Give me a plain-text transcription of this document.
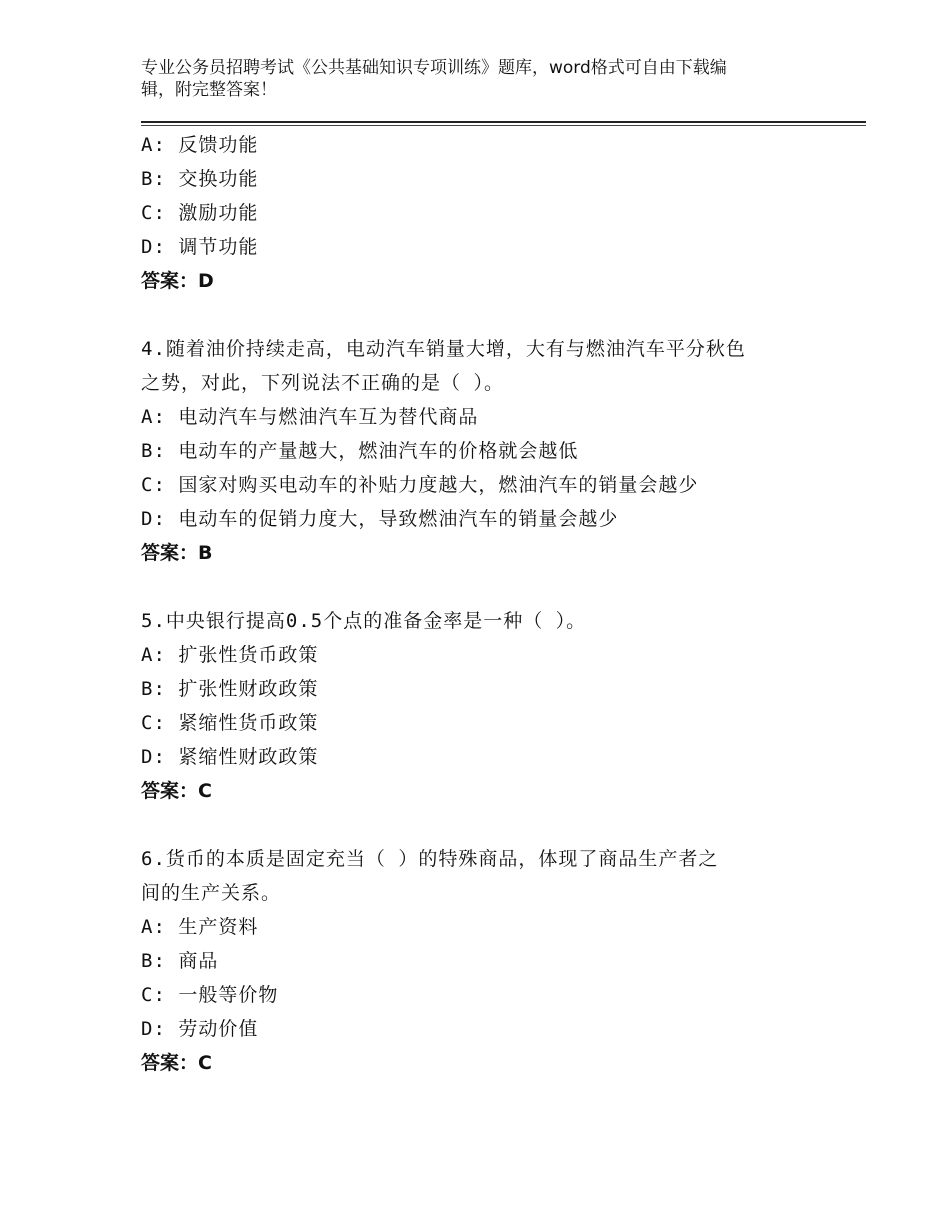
专业公务员招聘考试《公共基础知识专项训练》题库，word格式可自由下载编
辑，附完整答案！
A: 反馈功能
B: 交换功能
C: 激励功能
D: 调节功能
答案：D
4.随着油价持续走高，电动汽车销量大增，大有与燃油汽车平分秋色
之势，对此，下列说法不正确的是（ ）。
A: 电动汽车与燃油汽车互为替代商品
B: 电动车的产量越大，燃油汽车的价格就会越低
C: 国家对购买电动车的补贴力度越大，燃油汽车的销量会越少
D: 电动车的促销力度大，导致燃油汽车的销量会越少
答案：B
5.中央银行提高0.5个点的准备金率是一种（ ）。
A: 扩张性货币政策
B: 扩张性财政政策
C: 紧缩性货币政策
D: 紧缩性财政政策
答案：C
6.货币的本质是固定充当（ ）的特殊商品，体现了商品生产者之
间的生产关系。
A: 生产资料
B: 商品
C: 一般等价物
D: 劳动价值
答案：C
